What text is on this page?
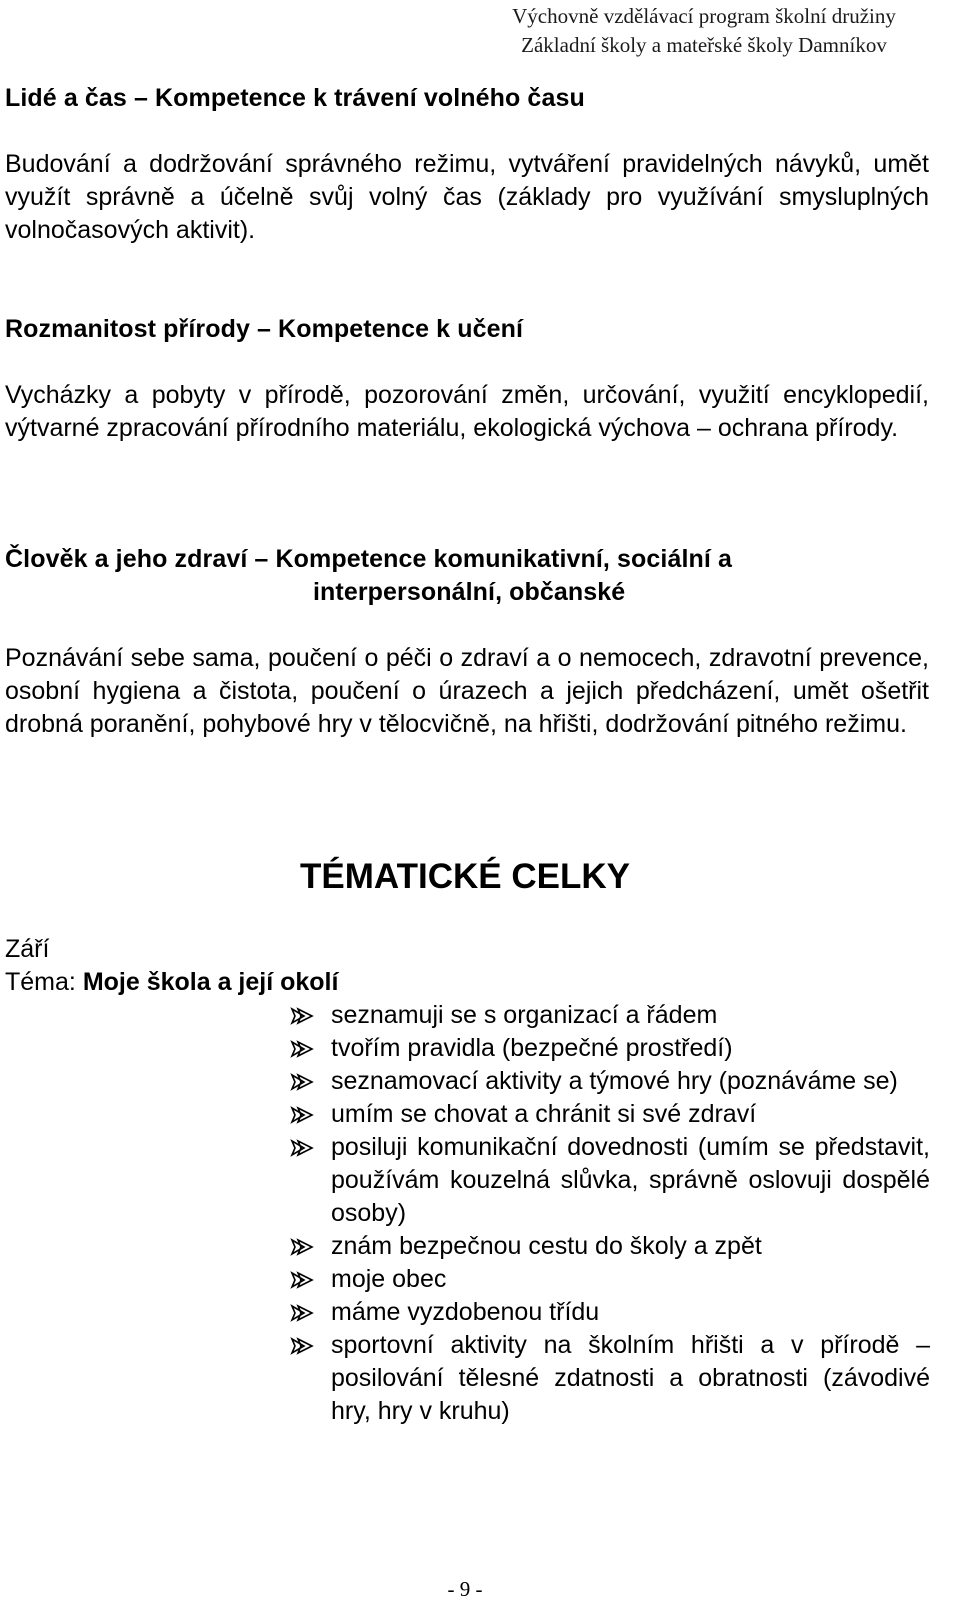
Výchovně vzdělávací program školní družiny
Základní školy a mateřské školy Damníkov
Lidé a čas – Kompetence k trávení volného času
Budování a dodržování správného režimu, vytváření pravidelných návyků, umět využít správně a účelně svůj volný čas (základy pro využívání smysluplných volnočasových aktivit).
Rozmanitost přírody – Kompetence k učení
Vycházky a pobyty v přírodě, pozorování změn, určování, využití encyklopedií, výtvarné zpracování přírodního materiálu, ekologická výchova – ochrana přírody.
Člověk a jeho zdraví – Kompetence komunikativní, sociální a
interpersonální, občanské
Poznávání sebe sama, poučení o péči o zdraví a o nemocech, zdravotní prevence, osobní hygiena a čistota, poučení o úrazech a jejich předcházení, umět ošetřit drobná poranění, pohybové hry v tělocvičně, na hřišti, dodržování pitného režimu.
TÉMATICKÉ CELKY
Září
Téma: Moje škola a její okolí
seznamuji se s organizací a řádem
tvořím pravidla (bezpečné prostředí)
seznamovací aktivity a týmové hry (poznáváme se)
umím se chovat a chránit si své zdraví
posiluji komunikační dovednosti (umím se představit, používám kouzelná slůvka, správně oslovuji dospělé osoby)
znám bezpečnou cestu do školy a zpět
moje obec
máme vyzdobenou třídu
sportovní aktivity na školním hřišti a v přírodě – posilování tělesné zdatnosti a obratnosti (závodivé hry, hry v kruhu)
- 9 -
